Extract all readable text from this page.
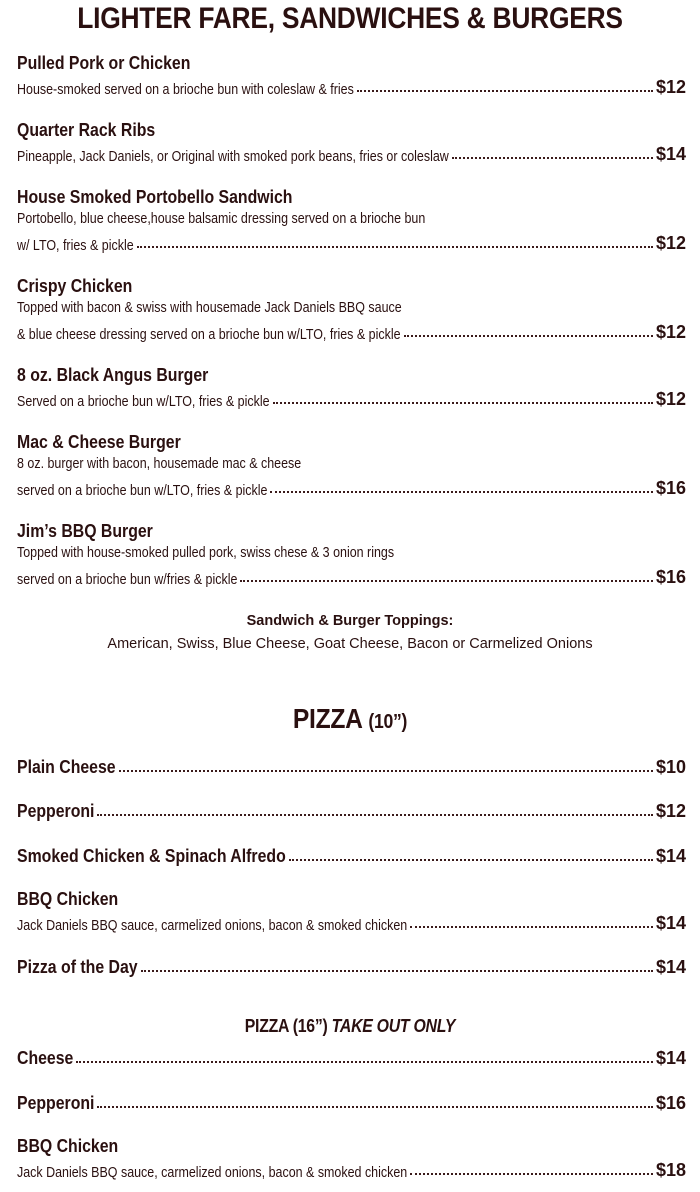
LIGHTER FARE, SANDWICHES & BURGERS
Pulled Pork or Chicken
House-smoked served on a brioche bun with coleslaw & fries	$12
Quarter Rack Ribs
Pineapple, Jack Daniels, or Original with smoked pork beans, fries or coleslaw	$14
House Smoked Portobello Sandwich
Portobello, blue cheese,house balsamic dressing served on a brioche bun
w/ LTO, fries & pickle	$12
Crispy Chicken
Topped with bacon & swiss with housemade Jack Daniels BBQ sauce
& blue cheese dressing served on a brioche bun w/LTO, fries & pickle	$12
8 oz. Black Angus Burger
Served on a brioche bun w/LTO, fries & pickle	$12
Mac & Cheese Burger
8 oz. burger with bacon, housemade mac & cheese
served on a brioche bun w/LTO, fries & pickle	$16
Jim’s BBQ Burger
Topped with house-smoked pulled pork, swiss chese & 3 onion rings
served on a brioche bun w/fries & pickle	$16
Sandwich & Burger Toppings:
American, Swiss, Blue Cheese, Goat Cheese, Bacon or Carmelized Onions
PIZZA (10”)
Plain Cheese	$10
Pepperoni	$12
Smoked Chicken & Spinach Alfredo	$14
BBQ Chicken
Jack Daniels BBQ sauce, carmelized onions, bacon & smoked chicken	$14
Pizza of the Day	$14
PIZZA (16”) TAKE OUT ONLY
Cheese	$14
Pepperoni	$16
BBQ Chicken
Jack Daniels BBQ sauce, carmelized onions, bacon & smoked chicken	$18
